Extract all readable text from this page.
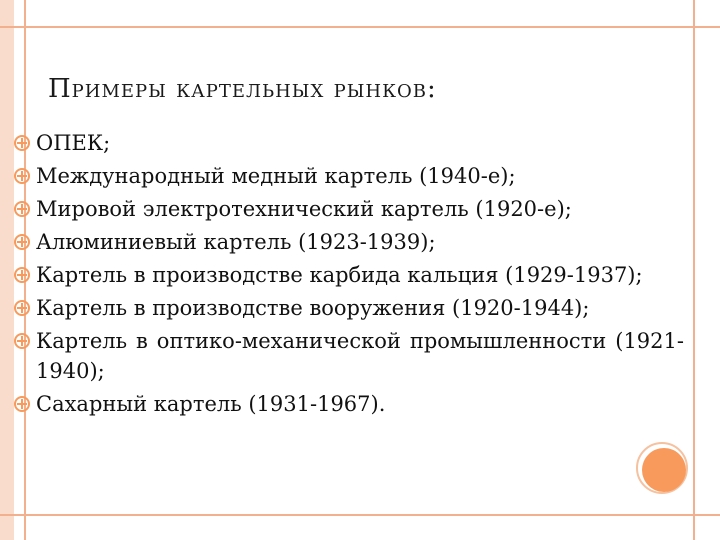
Примеры картельных рынков:
ОПЕК;
Международный медный картель (1940-е);
Мировой электротехнический картель (1920-е);
Алюминиевый картель (1923-1939);
Картель в производстве карбида кальция (1929-1937);
Картель в производстве вооружения (1920-1944);
Картель в оптико-механической промышленности (1921-1940);
Сахарный картель (1931-1967).
